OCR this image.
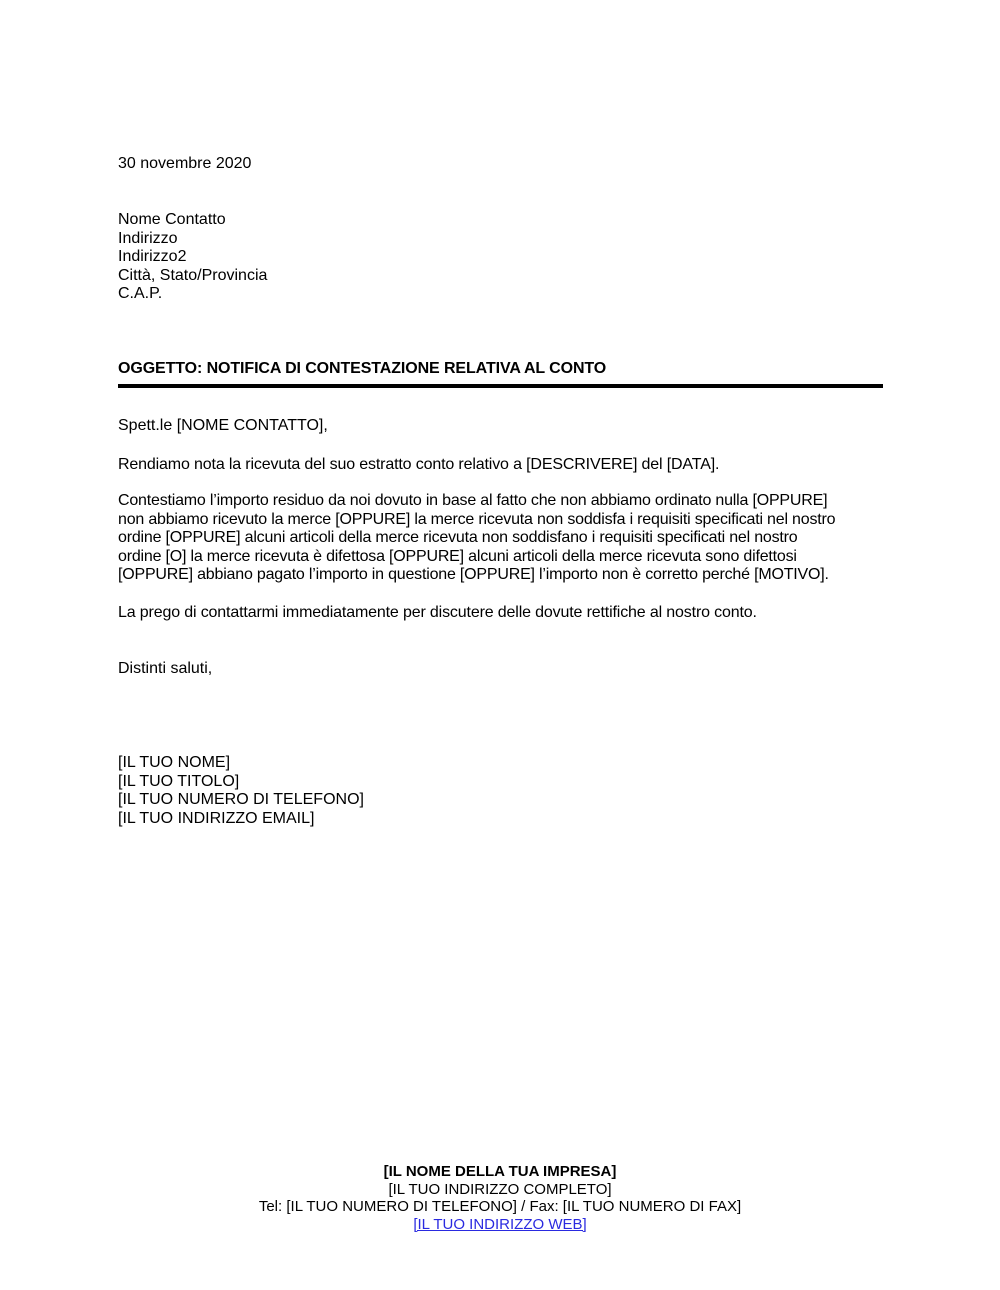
30 novembre 2020
Nome Contatto
Indirizzo
Indirizzo2
Città, Stato/Provincia
C.A.P.
OGGETTO: NOTIFICA DI CONTESTAZIONE RELATIVA AL CONTO
Spett.le [NOME CONTATTO],
Rendiamo nota la ricevuta del suo estratto conto relativo a [DESCRIVERE] del [DATA].
Contestiamo l’importo residuo da noi dovuto in base al fatto che non abbiamo ordinato nulla [OPPURE]
non abbiamo ricevuto la merce [OPPURE] la merce ricevuta non soddisfa i requisiti specificati nel nostro
ordine [OPPURE] alcuni articoli della merce ricevuta non soddisfano i requisiti specificati nel nostro
ordine [O] la merce ricevuta è difettosa [OPPURE] alcuni articoli della merce ricevuta sono difettosi
[OPPURE] abbiano pagato l’importo in questione [OPPURE] l’importo non è corretto perché [MOTIVO].
La prego di contattarmi immediatamente per discutere delle dovute rettifiche al nostro conto.
Distinti saluti,
[IL TUO NOME]
[IL TUO TITOLO]
[IL TUO NUMERO DI TELEFONO]
[IL TUO INDIRIZZO EMAIL]
[IL NOME DELLA TUA IMPRESA]
[IL TUO INDIRIZZO COMPLETO]
Tel: [IL TUO NUMERO DI TELEFONO] / Fax: [IL TUO NUMERO DI FAX]
[IL TUO INDIRIZZO WEB]
